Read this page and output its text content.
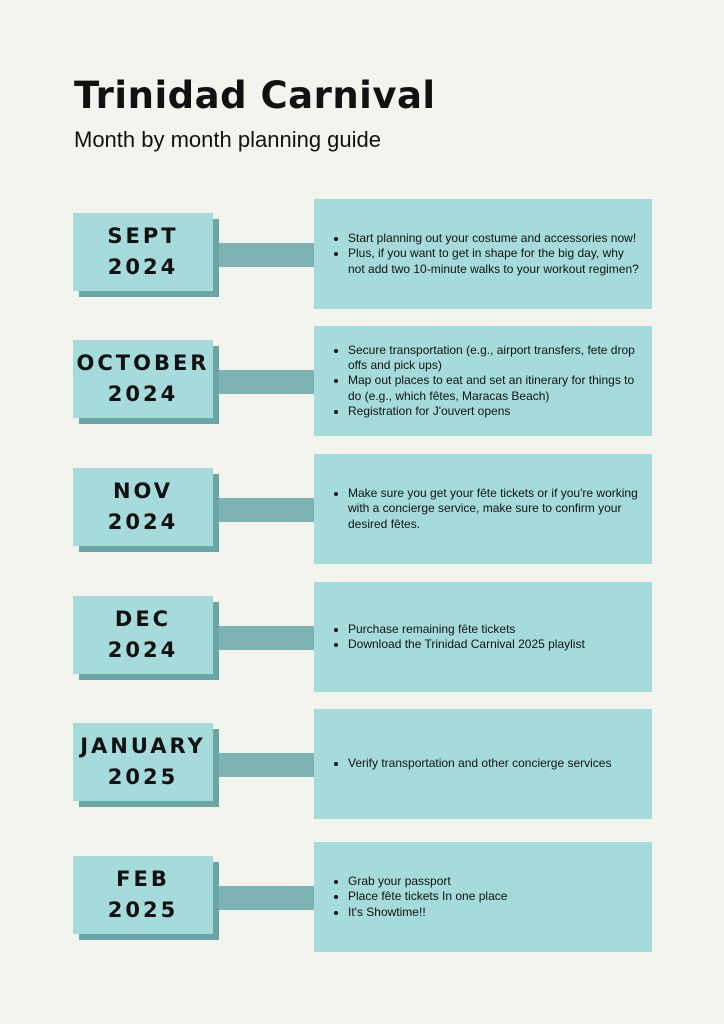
Trinidad Carnival

Month by month planning guide

SEPT
2024
• Start planning out your costume and accessories now!
• Plus, if you want to get in shape for the big day, why not add two 10-minute walks to your workout regimen?
OCTOBER
2024
• Secure transportation (e.g., airport transfers, fete drop offs and pick ups)
• Map out places to eat and set an itinerary for things to do (e.g., which fêtes, Maracas Beach)
• Registration for J'ouvert opens
NOV
2024
• Make sure you get your fête tickets or if you're working with a concierge service, make sure to confirm your desired fêtes.
DEC
2024
• Purchase remaining fête tickets
• Download the Trinidad Carnival 2025 playlist
JANUARY
2025
• Verify transportation and other concierge services
FEB
2025
• Grab your passport
• Place fête tickets In one place
• It's Showtime!!
